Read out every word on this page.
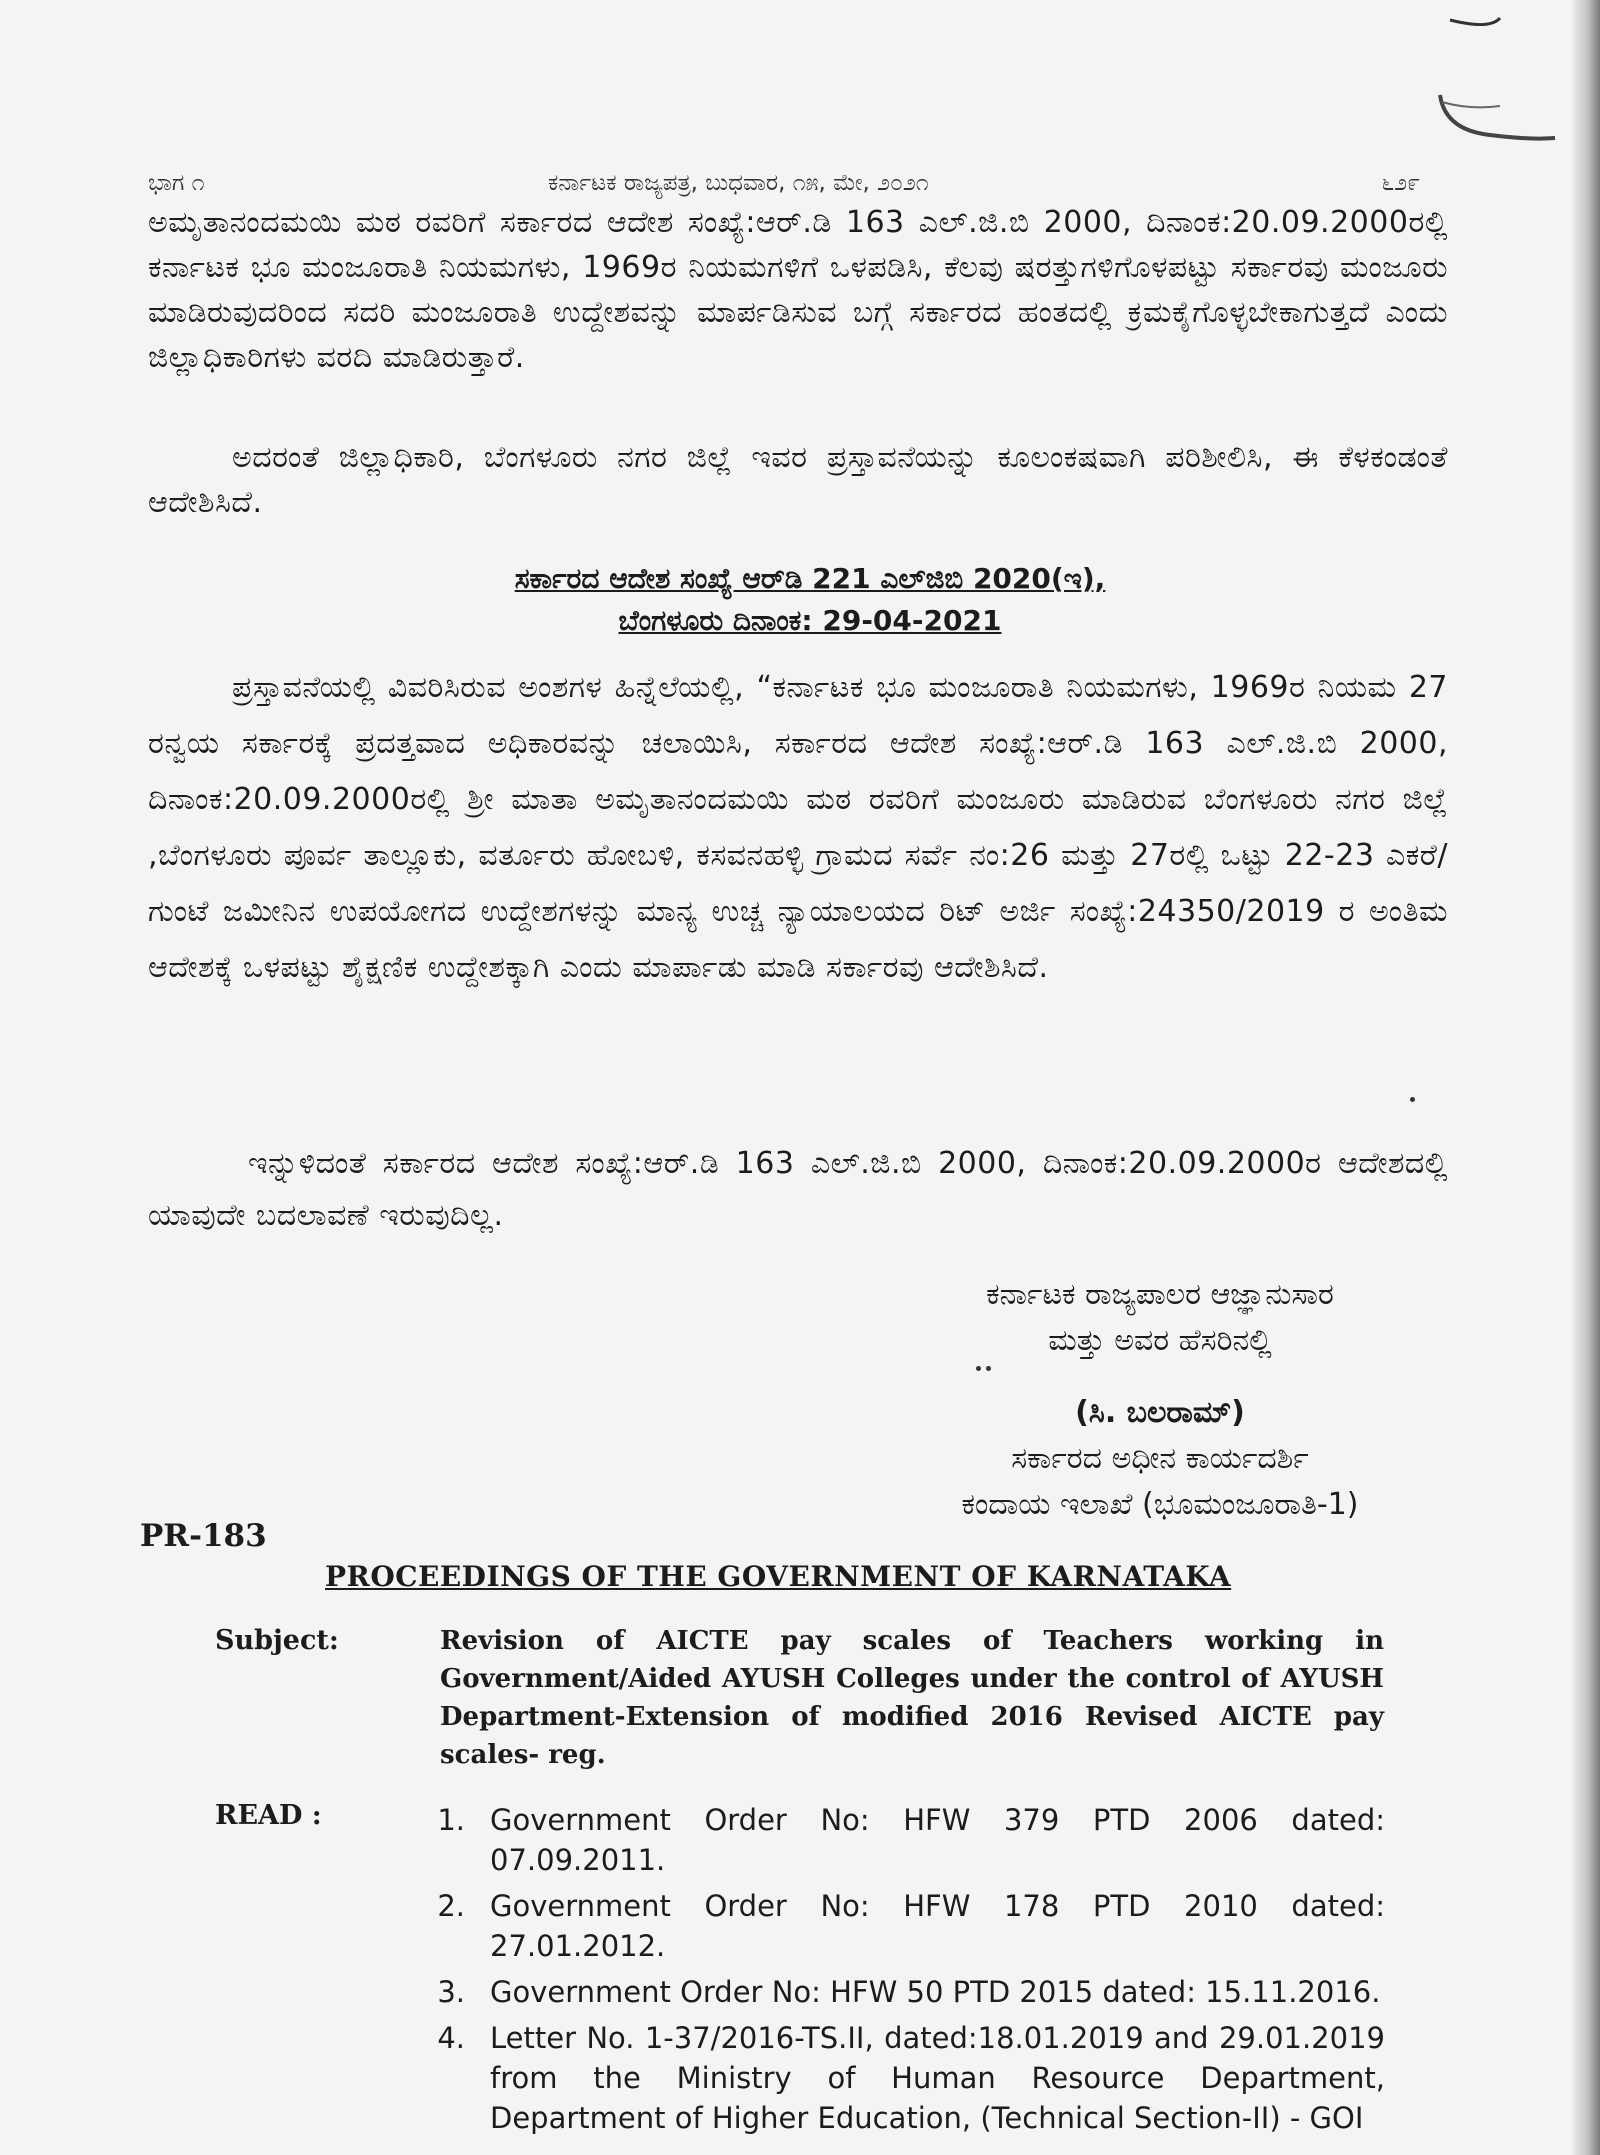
ಭಾಗ ೧	ಕರ್ನಾಟಕ ರಾಜ್ಯಪತ್ರ, ಬುಧವಾರ, ೧೫, ಮೇ, ೨೦೨೧	೬೨೯

ಅಮೃತಾನಂದಮಯಿ ಮಠ ರವರಿಗೆ ಸರ್ಕಾರದ ಆದೇಶ ಸಂಖ್ಯೆ:ಆರ್.ಡಿ 163 ಎಲ್.ಜಿ.ಬಿ 2000, ದಿನಾಂಕ:20.09.2000ರಲ್ಲಿ ಕರ್ನಾಟಕ ಭೂ ಮಂಜೂರಾತಿ ನಿಯಮಗಳು, 1969ರ ನಿಯಮಗಳಿಗೆ ಒಳಪಡಿಸಿ, ಕೆಲವು ಷರತ್ತುಗಳಿಗೊಳಪಟ್ಟು ಸರ್ಕಾರವು ಮಂಜೂರು ಮಾಡಿರುವುದರಿಂದ ಸದರಿ ಮಂಜೂರಾತಿ ಉದ್ದೇಶವನ್ನು ಮಾರ್ಪಡಿಸುವ ಬಗ್ಗೆ ಸರ್ಕಾರದ ಹಂತದಲ್ಲಿ ಕ್ರಮಕೈಗೊಳ್ಳಬೇಕಾಗುತ್ತದೆ ಎಂದು ಜಿಲ್ಲಾಧಿಕಾರಿಗಳು ವರದಿ ಮಾಡಿರುತ್ತಾರೆ.

ಅದರಂತೆ ಜಿಲ್ಲಾಧಿಕಾರಿ, ಬೆಂಗಳೂರು ನಗರ ಜಿಲ್ಲೆ ಇವರ ಪ್ರಸ್ತಾವನೆಯನ್ನು ಕೂಲಂಕಷವಾಗಿ ಪರಿಶೀಲಿಸಿ, ಈ ಕೆಳಕಂಡಂತೆ ಆದೇಶಿಸಿದೆ.

ಸರ್ಕಾರದ ಆದೇಶ ಸಂಖ್ಯೆ ಆರ್‌ಡಿ 221 ಎಲ್‌ಜಿಬಿ 2020(ಇ),
ಬೆಂಗಳೂರು ದಿನಾಂಕ: 29-04-2021

ಪ್ರಸ್ತಾವನೆಯಲ್ಲಿ ವಿವರಿಸಿರುವ ಅಂಶಗಳ ಹಿನ್ನೆಲೆಯಲ್ಲಿ, “ಕರ್ನಾಟಕ ಭೂ ಮಂಜೂರಾತಿ ನಿಯಮಗಳು, 1969ರ ನಿಯಮ 27 ರನ್ವಯ ಸರ್ಕಾರಕ್ಕೆ ಪ್ರದತ್ತವಾದ ಅಧಿಕಾರವನ್ನು ಚಲಾಯಿಸಿ, ಸರ್ಕಾರದ ಆದೇಶ ಸಂಖ್ಯೆ:ಆರ್.ಡಿ 163 ಎಲ್.ಜಿ.ಬಿ 2000, ದಿನಾಂಕ:20.09.2000ರಲ್ಲಿ ಶ್ರೀ ಮಾತಾ ಅಮೃತಾನಂದಮಯಿ ಮಠ ರವರಿಗೆ ಮಂಜೂರು ಮಾಡಿರುವ ಬೆಂಗಳೂರು ನಗರ ಜಿಲ್ಲೆ ,ಬೆಂಗಳೂರು ಪೂರ್ವ ತಾಲ್ಲೂಕು, ವರ್ತೂರು ಹೋಬಳಿ, ಕಸವನಹಳ್ಳಿ ಗ್ರಾಮದ ಸರ್ವೆ ನಂ:26 ಮತ್ತು 27ರಲ್ಲಿ ಒಟ್ಟು 22-23 ಎಕರೆ/ಗುಂಟೆ ಜಮೀನಿನ ಉಪಯೋಗದ ಉದ್ದೇಶಗಳನ್ನು ಮಾನ್ಯ ಉಚ್ಚ ನ್ಯಾಯಾಲಯದ ರಿಟ್ ಅರ್ಜಿ ಸಂಖ್ಯೆ:24350/2019 ರ ಅಂತಿಮ ಆದೇಶಕ್ಕೆ ಒಳಪಟ್ಟು ಶೈಕ್ಷಣಿಕ ಉದ್ದೇಶಕ್ಕಾಗಿ ಎಂದು ಮಾರ್ಪಾಡು ಮಾಡಿ ಸರ್ಕಾರವು ಆದೇಶಿಸಿದೆ.

ಇನ್ನುಳಿದಂತೆ ಸರ್ಕಾರದ ಆದೇಶ ಸಂಖ್ಯೆ:ಆರ್.ಡಿ 163 ಎಲ್.ಜಿ.ಬಿ 2000, ದಿನಾಂಕ:20.09.2000ರ ಆದೇಶದಲ್ಲಿ ಯಾವುದೇ ಬದಲಾವಣೆ ಇರುವುದಿಲ್ಲ.

ಕರ್ನಾಟಕ ರಾಜ್ಯಪಾಲರ ಆಜ್ಞಾನುಸಾರ
ಮತ್ತು ಅವರ ಹೆಸರಿನಲ್ಲಿ
(ಸಿ. ಬಲರಾಮ್)
ಸರ್ಕಾರದ ಅಧೀನ ಕಾರ್ಯದರ್ಶಿ
ಕಂದಾಯ ಇಲಾಖೆ (ಭೂಮಂಜೂರಾತಿ-1)
PR-183
PROCEEDINGS OF THE GOVERNMENT OF KARNATAKA
Subject:	Revision of AICTE pay scales of Teachers working in Government/Aided AYUSH Colleges under the control of AYUSH Department-Extension of modified 2016 Revised AICTE pay scales- reg.
READ :	1. Government Order No: HFW 379 PTD 2006 dated: 07.09.2011.
2. Government Order No: HFW 178 PTD 2010 dated: 27.01.2012.
3. Government Order No: HFW 50 PTD 2015 dated: 15.11.2016.
4. Letter No. 1-37/2016-TS.II, dated:18.01.2019 and 29.01.2019 from the Ministry of Human Resource Department, Department of Higher Education, (Technical Section-II) - GOI
